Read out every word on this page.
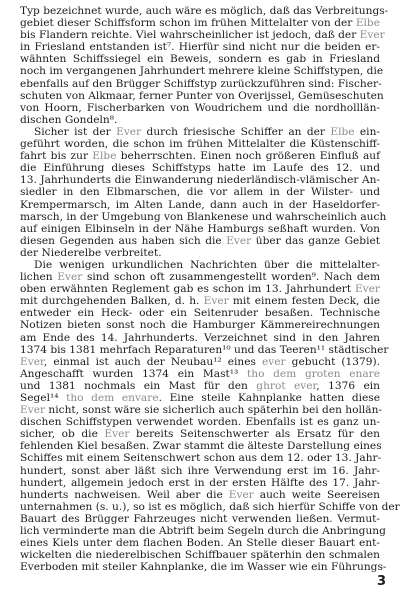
Typ bezeichnet wurde, auch wäre es möglich, daß das Verbreitungs-
gebiet dieser Schiffsform schon im frühen Mittelalter von der Elbe
bis Flandern reichte. Viel wahrscheinlicher ist jedoch, daß der Ever
in Friesland entstanden ist⁷. Hierfür sind nicht nur die beiden er-
wähnten Schiffssiegel ein Beweis, sondern es gab in Friesland
noch im vergangenen Jahrhundert mehrere kleine Schiffstypen, die
ebenfalls auf den Brügger Schiffstyp zurückzuführen sind: Fischer-
schuten von Alkmaar, ferner Punter von Overijssel, Gemüseschuten
von Hoorn, Fischerbarken von Woudrichem und die nordholllän-
dischen Gondeln⁸.
Sicher ist der Ever durch friesische Schiffer an der Elbe ein-
geführt worden, die schon im frühen Mittelalter die Küstenschiff-
fahrt bis zur Elbe beherrschten. Einen noch größeren Einfluß auf
die Einführung dieses Schiffstyps hatte im Laufe des 12. und
13. Jahrhunderts die Einwanderung niederländisch-vlämischer An-
siedler in den Elbmarschen, die vor allem in der Wilster- und
Krempermarsch, im Alten Lande, dann auch in der Haseldorfer-
marsch, in der Umgebung von Blankenese und wahrscheinlich auch
auf einigen Elbinseln in der Nähe Hamburgs seßhaft wurden. Von
diesen Gegenden aus haben sich die Ever über das ganze Gebiet
der Niederelbe verbreitet.
Die wenigen urkundlichen Nachrichten über die mittelalter-
lichen Ever sind schon oft zusammengestellt worden⁹. Nach dem
oben erwähnten Reglement gab es schon im 13. Jahrhundert Ever
mit durchgehenden Balken, d. h. Ever mit einem festen Deck, die
entweder ein Heck- oder ein Seitenruder besaßen. Technische
Notizen bieten sonst noch die Hamburger Kämmereirechnungen
am Ende des 14. Jahrhunderts. Verzeichnet sind in den Jahren
1374 bis 1381 mehrfach Reparaturen¹⁰ und das Teeren¹¹ städtischer
Ever, einmal ist auch der Neubau¹² eines ever gebucht (1379).
Angeschafft wurden 1374 ein Mast¹³ tho dem groten enare
und 1381 nochmals ein Mast für den ghrot ever, 1376 ein
Segel¹⁴ tho dem envare. Eine steile Kahnplanke hatten diese
Ever nicht, sonst wäre sie sicherlich auch späterhin bei den hollän-
dischen Schiffstypen verwendet worden. Ebenfalls ist es ganz un-
sicher, ob die Ever bereits Seitenschwerter als Ersatz für den
fehlenden Kiel besaßen. Zwar stammt die älteste Darstellung eines
Schiffes mit einem Seitenschwert schon aus dem 12. oder 13. Jahr-
hundert, sonst aber läßt sich ihre Verwendung erst im 16. Jahr-
hundert, allgemein jedoch erst in der ersten Hälfte des 17. Jahr-
hunderts nachweisen. Weil aber die Ever auch weite Seereisen
unternahmen (s. u.), so ist es möglich, daß sich hierfür Schiffe von der
Bauart des Brügger Fahrzeuges nicht verwenden ließen. Vermut-
lich verminderte man die Abtrift beim Segeln durch die Anbringung
eines Kiels unter dem flachen Boden. An Stelle dieser Bauart ent-
wickelten die niederelbischen Schiffbauer späterhin den schmalen
Everboden mit steiler Kahnplanke, die im Wasser wie ein Führungs-
3
